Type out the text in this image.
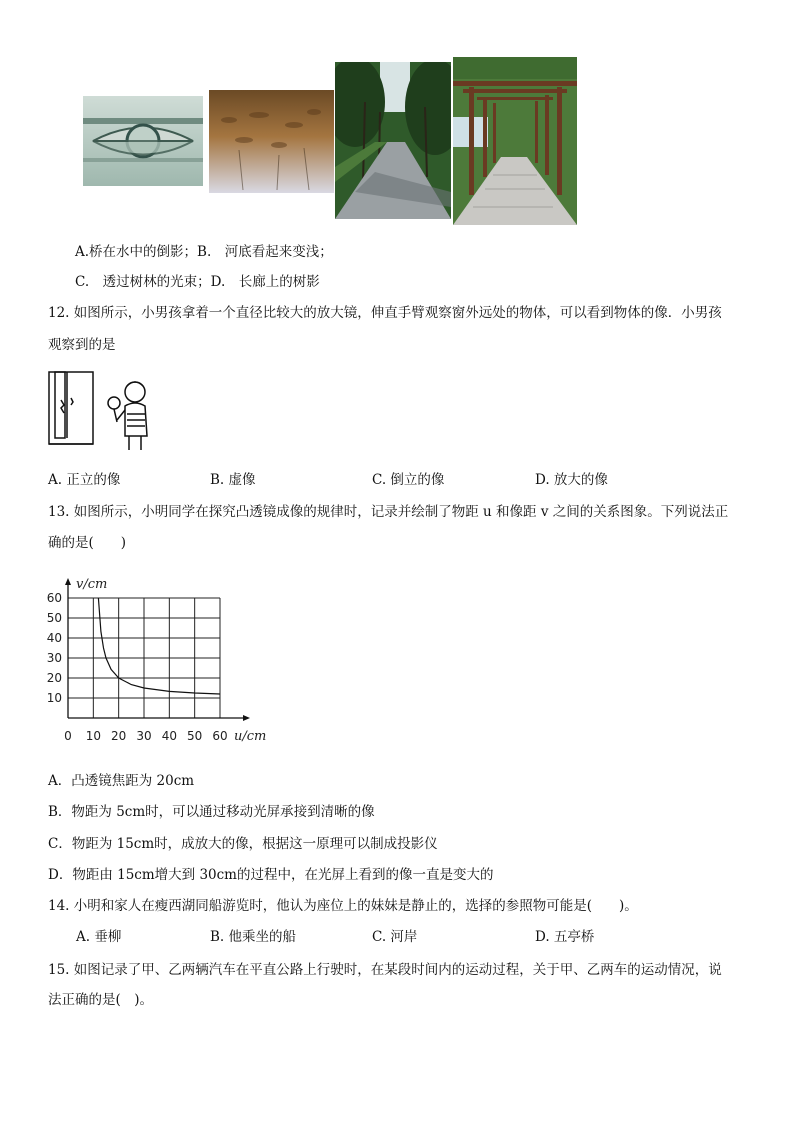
A.桥在水中的倒影；B.　河底看起来变浅；
C.　透过树林的光束；D.　长廊上的树影
12. 如图所示，小男孩拿着一个直径比较大的放大镜，伸直手臂观察窗外远处的物体，可以看到物体的像．小男孩
观察到的是
A. 正立的像	B. 虚像	C. 倒立的像	D. 放大的像
13. 如图所示，小明同学在探究凸透镜成像的规律时，记录并绘制了物距 u 和像距 v 之间的关系图象。下列说法正
确的是(　　)
0 10 20 30 40 50 60
10
20
30
40
50
60
u/cm
v/cm
A．凸透镜焦距为 20cm
B．物距为 5cm时，可以通过移动光屏承接到清晰的像
C．物距为 15cm时，成放大的像，根据这一原理可以制成投影仪
D．物距由 15cm增大到 30cm的过程中，在光屏上看到的像一直是变大的
14. 小明和家人在瘦西湖同船游览时，他认为座位上的妹妹是静止的，选择的参照物可能是(　　)。
A. 垂柳	B. 他乘坐的船	C. 河岸	D. 五亭桥
15. 如图记录了甲、乙两辆汽车在平直公路上行驶时，在某段时间内的运动过程，关于甲、乙两车的运动情况，说
法正确的是(　)。
